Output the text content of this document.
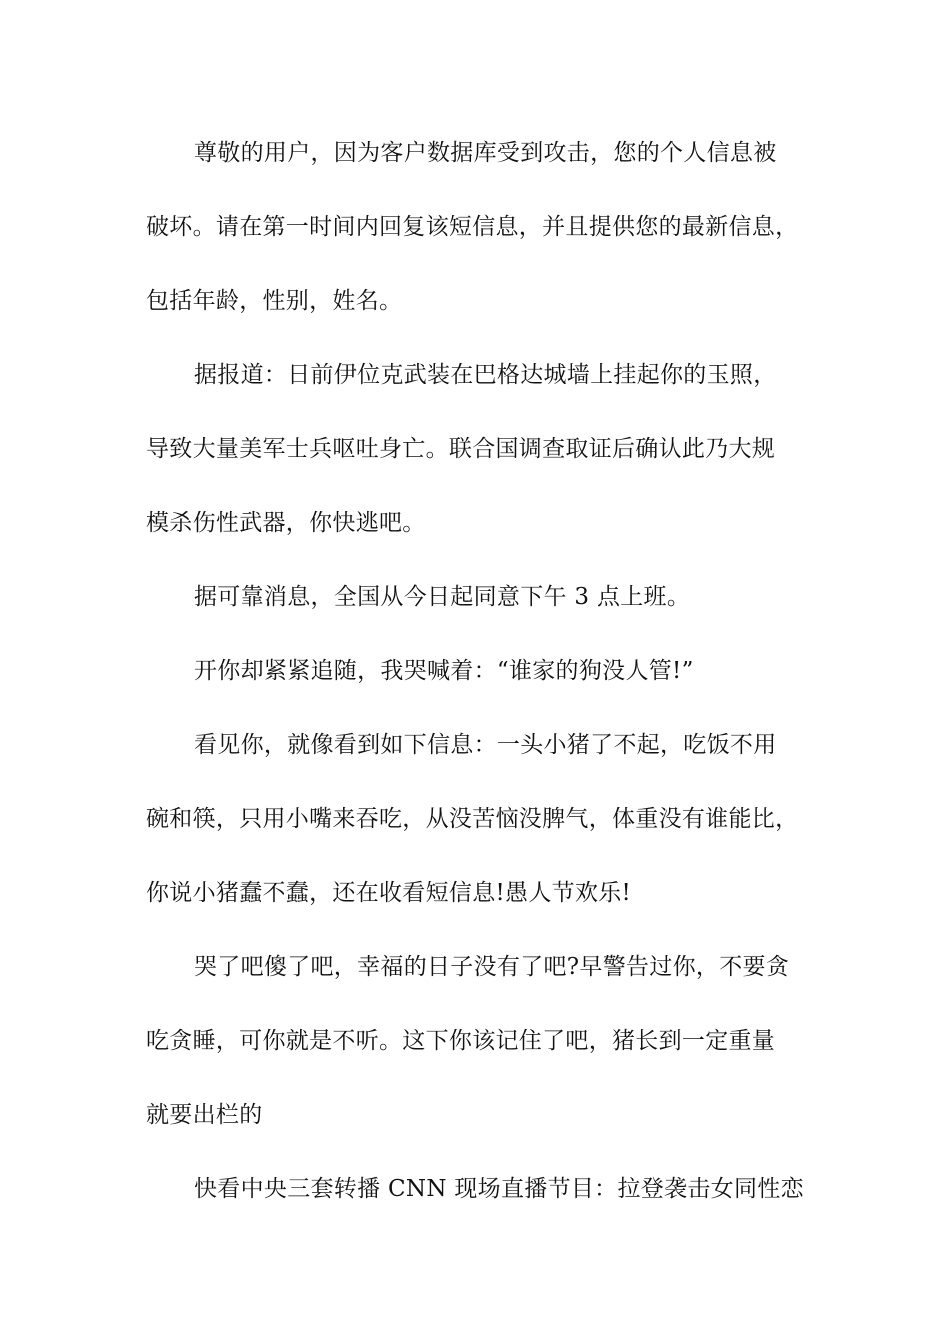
尊敬的用户，因为客户数据库受到攻击，您的个人信息被
破坏。请在第一时间内回复该短信息，并且提供您的最新信息，
包括年龄，性别，姓名。
据报道：日前伊位克武装在巴格达城墙上挂起你的玉照，
导致大量美军士兵呕吐身亡。联合国调查取证后确认此乃大规
模杀伤性武器，你快逃吧。
据可靠消息，全国从今日起同意下午 3 点上班。
开你却紧紧追随，我哭喊着：“谁家的狗没人管!”
看见你，就像看到如下信息：一头小猪了不起，吃饭不用
碗和筷，只用小嘴来吞吃，从没苦恼没脾气，体重没有谁能比，
你说小猪蠢不蠢，还在收看短信息!愚人节欢乐!
哭了吧傻了吧，幸福的日子没有了吧?早警告过你，不要贪
吃贪睡，可你就是不听。这下你该记住了吧，猪长到一定重量
就要出栏的
快看中央三套转播 CNN 现场直播节目：拉登袭击女同性恋
